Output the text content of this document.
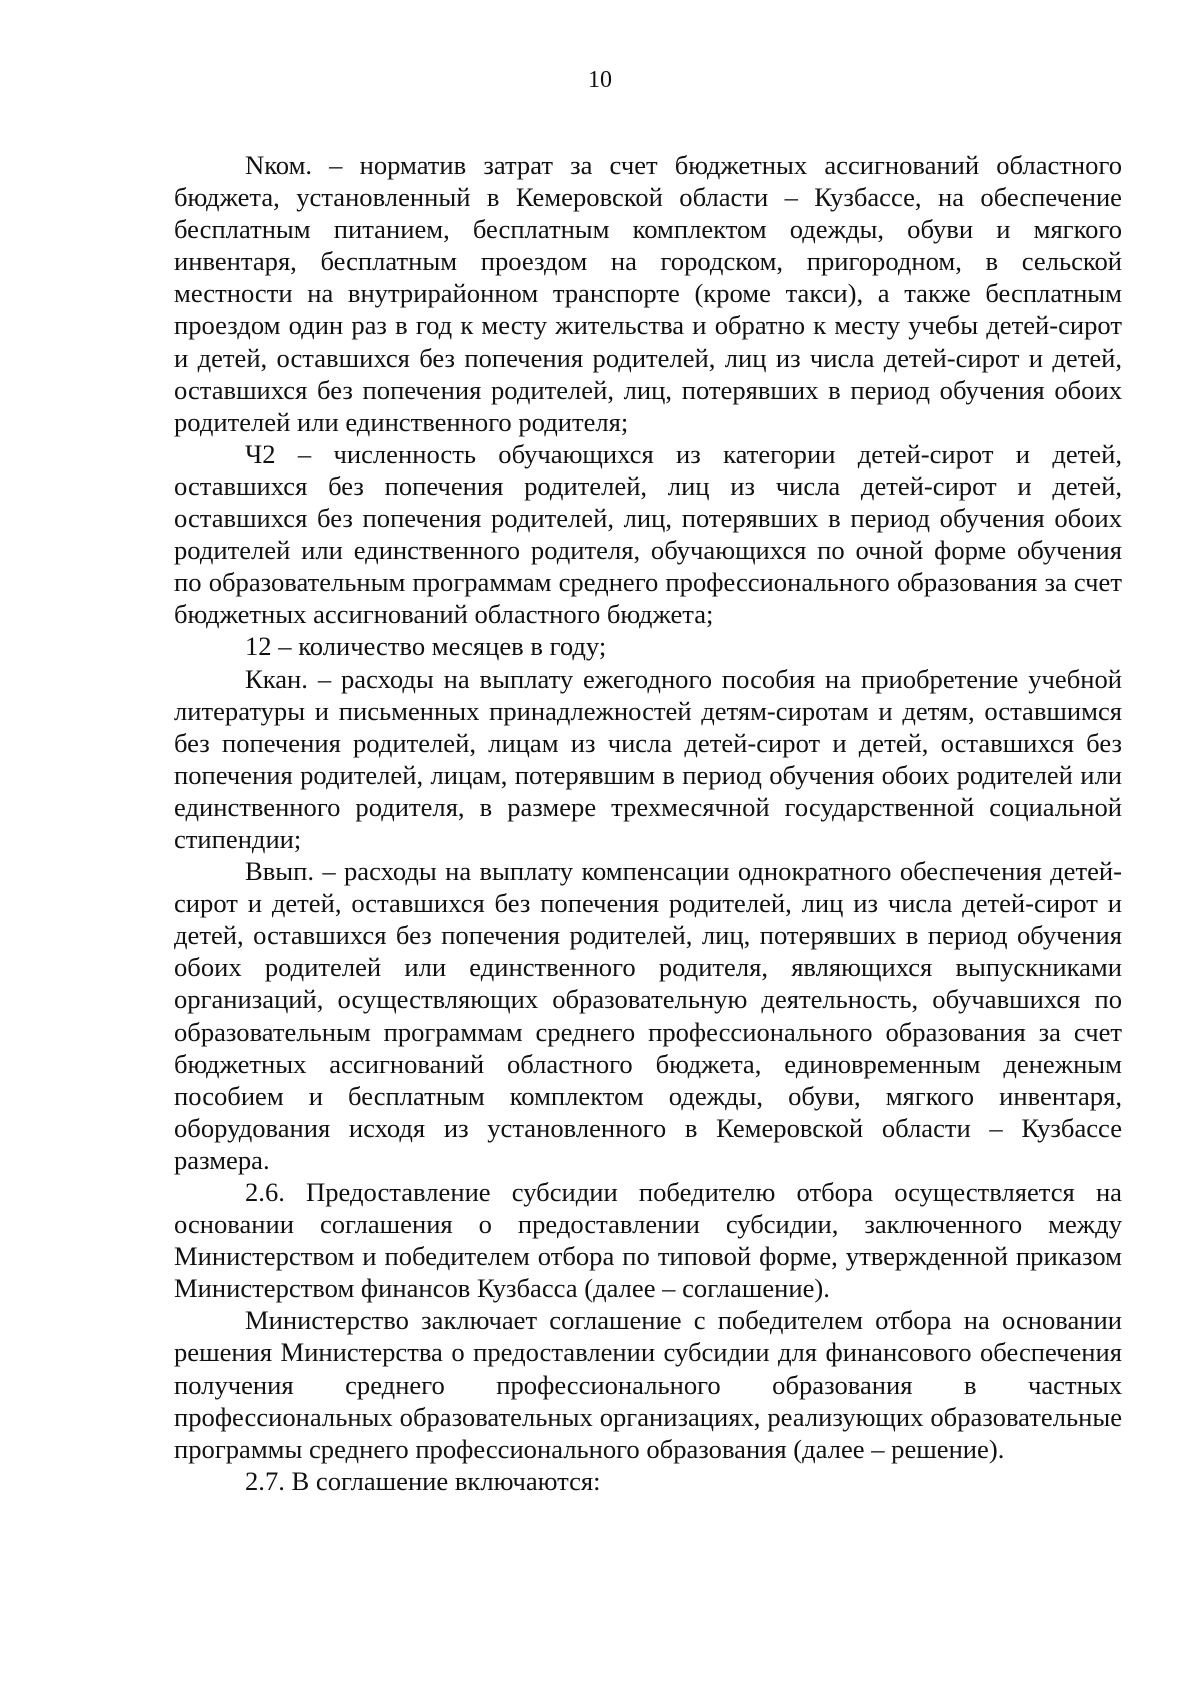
10

Nком. – норматив затрат за счет бюджетных ассигнований областного бюджета, установленный в Кемеровской области – Кузбассе, на обеспечение бесплатным питанием, бесплатным комплектом одежды, обуви и мягкого инвентаря, бесплатным проездом на городском, пригородном, в сельской местности на внутрирайонном транспорте (кроме такси), а также бесплатным проездом один раз в год к месту жительства и обратно к месту учебы детей-сирот и детей, оставшихся без попечения родителей, лиц из числа детей-сирот и детей, оставшихся без попечения родителей, лиц, потерявших в период обучения обоих родителей или единственного родителя;

Ч2 – численность обучающихся из категории детей-сирот и детей, оставшихся без попечения родителей, лиц из числа детей-сирот и детей, оставшихся без попечения родителей, лиц, потерявших в период обучения обоих родителей или единственного родителя, обучающихся по очной форме обучения по образовательным программам среднего профессионального образования за счет бюджетных ассигнований областного бюджета;

12 – количество месяцев в году;

Ккан. – расходы на выплату ежегодного пособия на приобретение учебной литературы и письменных принадлежностей детям-сиротам и детям, оставшимся без попечения родителей, лицам из числа детей-сирот и детей, оставшихся без попечения родителей, лицам, потерявшим в период обучения обоих родителей или единственного родителя, в размере трехмесячной государственной социальной стипендии;

Ввып. – расходы на выплату компенсации однократного обеспечения детей-сирот и детей, оставшихся без попечения родителей, лиц из числа детей-сирот и детей, оставшихся без попечения родителей, лиц, потерявших в период обучения обоих родителей или единственного родителя, являющихся выпускниками организаций, осуществляющих образовательную деятельность, обучавшихся по образовательным программам среднего профессионального образования за счет бюджетных ассигнований областного бюджета, единовременным денежным пособием и бесплатным комплектом одежды, обуви, мягкого инвентаря, оборудования исходя из установленного в Кемеровской области – Кузбассе размера.

2.6. Предоставление субсидии победителю отбора осуществляется на основании соглашения о предоставлении субсидии, заключенного между Министерством и победителем отбора по типовой форме, утвержденной приказом Министерством финансов Кузбасса (далее – соглашение).

Министерство заключает соглашение с победителем отбора на основании решения Министерства о предоставлении субсидии для финансового обеспечения получения среднего профессионального образования в частных профессиональных образовательных организациях, реализующих образовательные программы среднего профессионального образования (далее – решение).

2.7. В соглашение включаются:
